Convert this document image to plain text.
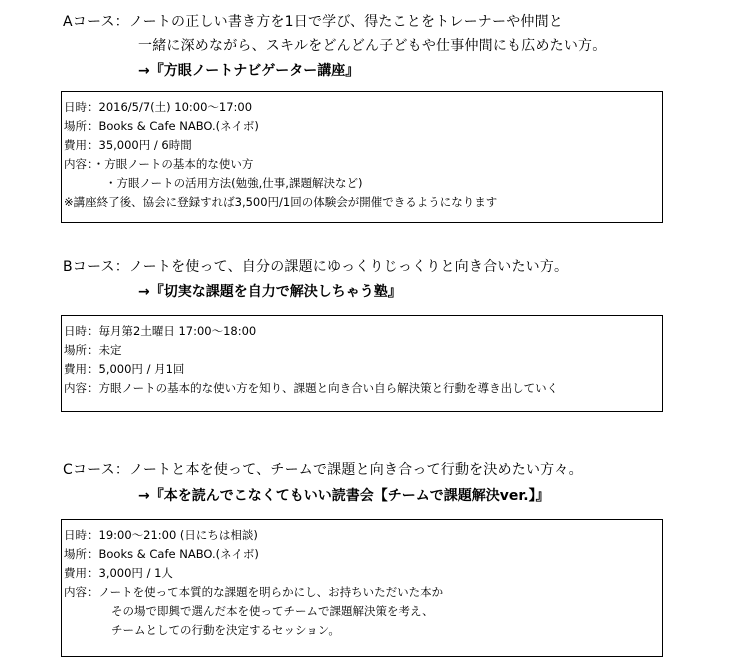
Aコース：ノートの正しい書き方を1日で学び、得たことをトレーナーや仲間と
一緒に深めながら、スキルをどんどん子どもや仕事仲間にも広めたい方。
→『方眼ノートナビゲーター講座』
日時：2016/5/7(土) 10:00〜17:00
場所：Books & Cafe NABO.(ネイボ)
費用：35,000円 / 6時間
内容：・方眼ノートの基本的な使い方
・方眼ノートの活用方法(勉強,仕事,課題解決など)
※講座終了後、協会に登録すれば3,500円/1回の体験会が開催できるようになります
Bコース：ノートを使って、自分の課題にゆっくりじっくりと向き合いたい方。
→『切実な課題を自力で解決しちゃう塾』
日時：毎月第2土曜日 17:00〜18:00
場所：未定
費用：5,000円 / 月1回
内容：方眼ノートの基本的な使い方を知り、課題と向き合い自ら解決策と行動を導き出していく
Cコース：ノートと本を使って、チームで課題と向き合って行動を決めたい方々。
→『本を読んでこなくてもいい読書会【チームで課題解決ver.】』
日時：19:00〜21:00 (日にちは相談)
場所：Books & Cafe NABO.(ネイボ)
費用：3,000円 / 1人
内容：ノートを使って本質的な課題を明らかにし、お持ちいただいた本か
その場で即興で選んだ本を使ってチームで課題解決策を考え、
チームとしての行動を決定するセッション。
